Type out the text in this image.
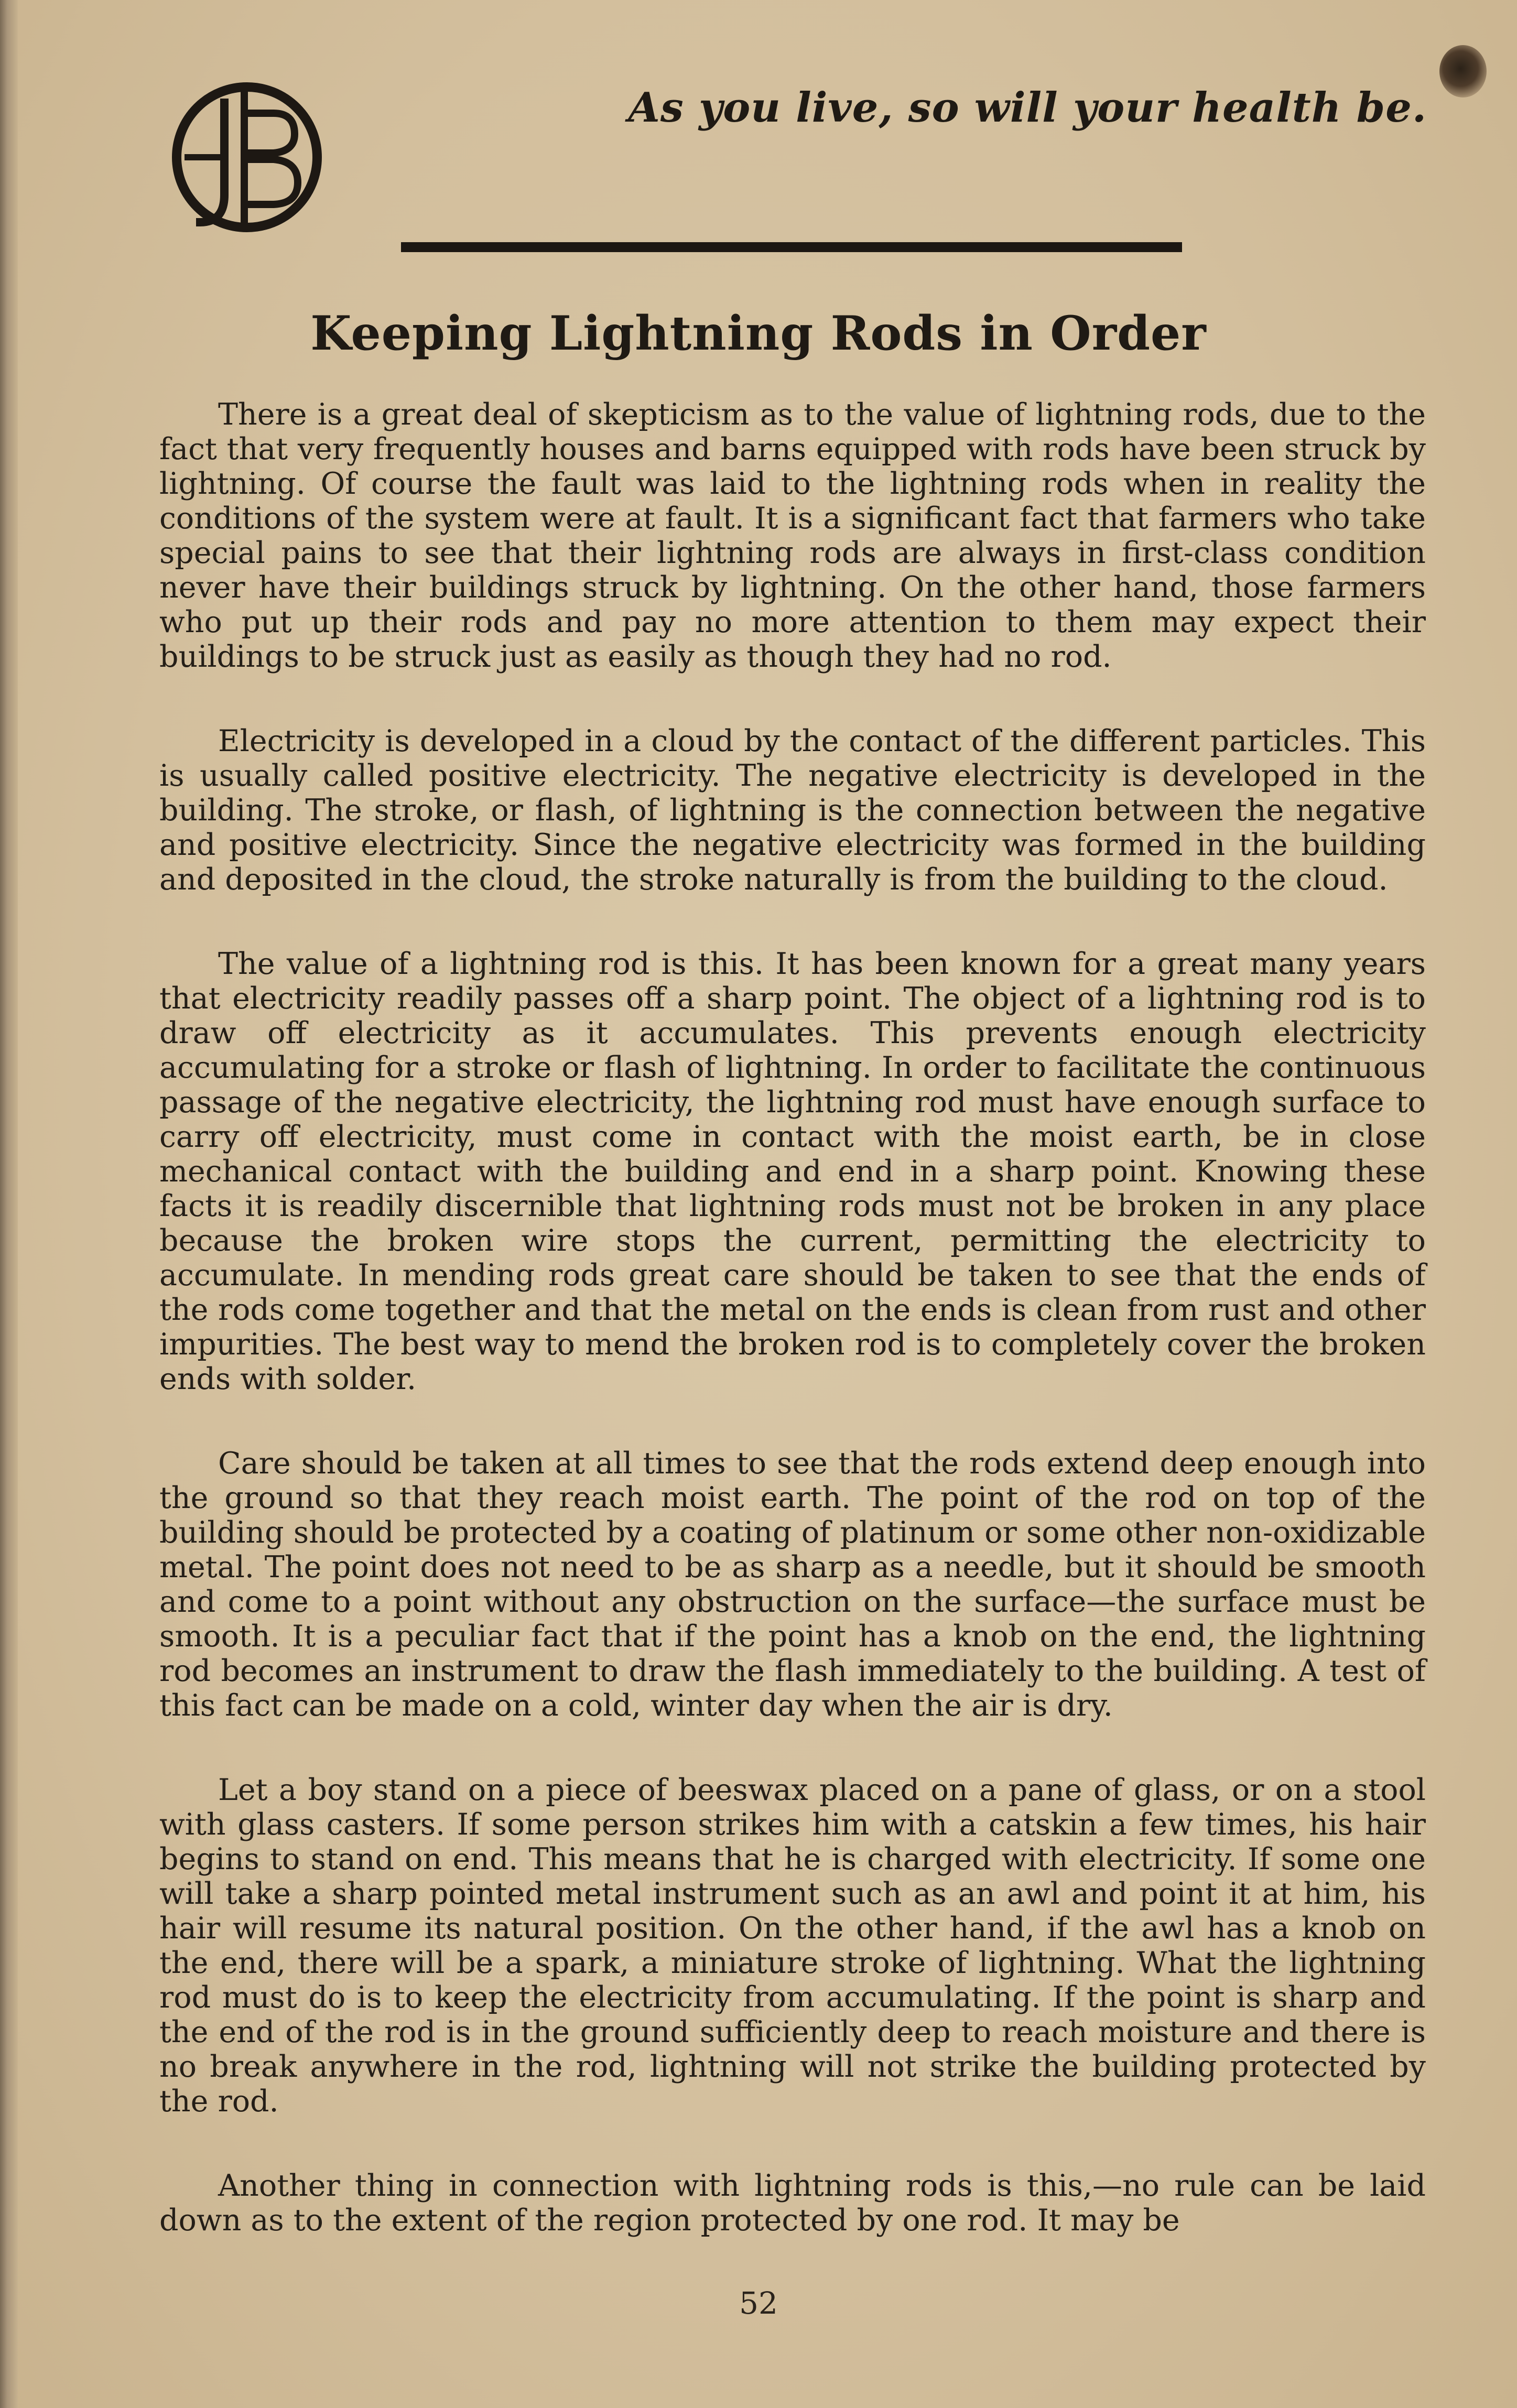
As you live, so will your health be.
Keeping Lightning Rods in Order

There is a great deal of skepticism as to the value of lightning rods, due to the fact that very frequently houses and barns equipped with rods have been struck by lightning. Of course the fault was laid to the lightning rods when in reality the conditions of the system were at fault. It is a significant fact that farmers who take special pains to see that their lightning rods are always in first-class condition never have their buildings struck by lightning. On the other hand, those farmers who put up their rods and pay no more attention to them may expect their buildings to be struck just as easily as though they had no rod.

Electricity is developed in a cloud by the contact of the different particles. This is usually called positive electricity. The negative electricity is developed in the building. The stroke, or flash, of lightning is the connection between the negative and positive electricity. Since the negative electricity was formed in the building and deposited in the cloud, the stroke naturally is from the building to the cloud.

The value of a lightning rod is this. It has been known for a great many years that electricity readily passes off a sharp point. The object of a lightning rod is to draw off electricity as it accumulates. This prevents enough electricity accumulating for a stroke or flash of lightning. In order to facilitate the continuous passage of the negative electricity, the lightning rod must have enough surface to carry off electricity, must come in contact with the moist earth, be in close mechanical contact with the building and end in a sharp point. Knowing these facts it is readily discernible that lightning rods must not be broken in any place because the broken wire stops the current, permitting the electricity to accumulate. In mending rods great care should be taken to see that the ends of the rods come together and that the metal on the ends is clean from rust and other impurities. The best way to mend the broken rod is to completely cover the broken ends with solder.

Care should be taken at all times to see that the rods extend deep enough into the ground so that they reach moist earth. The point of the rod on top of the building should be protected by a coating of platinum or some other non-oxidizable metal. The point does not need to be as sharp as a needle, but it should be smooth and come to a point without any obstruction on the surface—the surface must be smooth. It is a peculiar fact that if the point has a knob on the end, the lightning rod becomes an instrument to draw the flash immediately to the building. A test of this fact can be made on a cold, winter day when the air is dry.

Let a boy stand on a piece of beeswax placed on a pane of glass, or on a stool with glass casters. If some person strikes him with a catskin a few times, his hair begins to stand on end. This means that he is charged with electricity. If some one will take a sharp pointed metal instrument such as an awl and point it at him, his hair will resume its natural position. On the other hand, if the awl has a knob on the end, there will be a spark, a miniature stroke of lightning. What the lightning rod must do is to keep the electricity from accumulating. If the point is sharp and the end of the rod is in the ground sufficiently deep to reach moisture and there is no break anywhere in the rod, lightning will not strike the building protected by the rod.

Another thing in connection with lightning rods is this,—no rule can be laid down as to the extent of the region protected by one rod. It may be

52
